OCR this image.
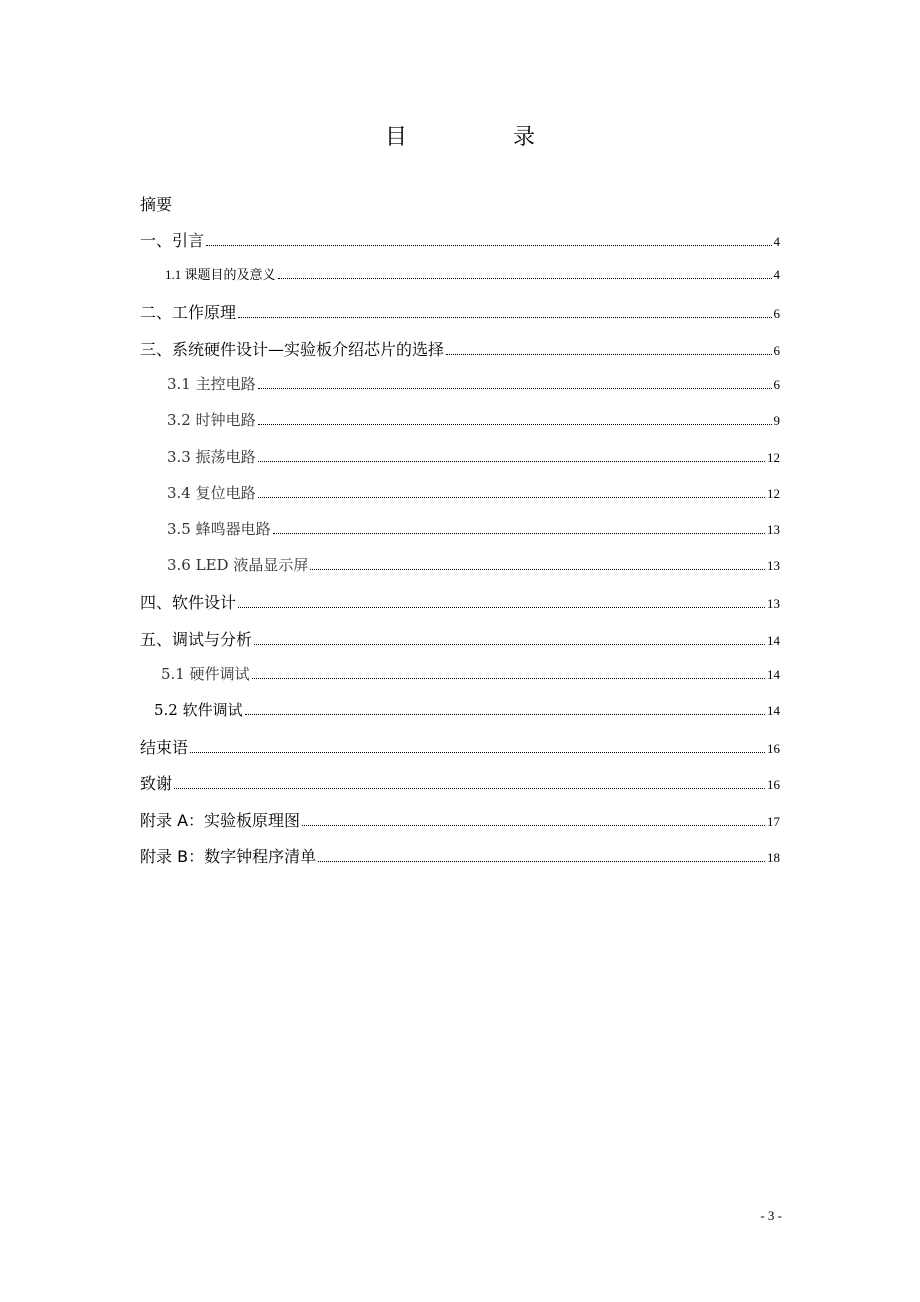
目　录
摘要
一、引言	4
1.1 课题目的及意义	4
二、工作原理	6
三、系统硬件设计—实验板介绍芯片的选择	6
3.1 主控电路	6
3.2 时钟电路	9
3.3 振荡电路	12
3.4 复位电路	12
3.5 蜂鸣器电路	13
3.6 LED 液晶显示屏	13
四、软件设计	13
五、调试与分析	14
5.1 硬件调试	14
5.2 软件调试	14
结束语	16
致谢	16
附录 A：实验板原理图	17
附录 B：数字钟程序清单	18
- 3 -
